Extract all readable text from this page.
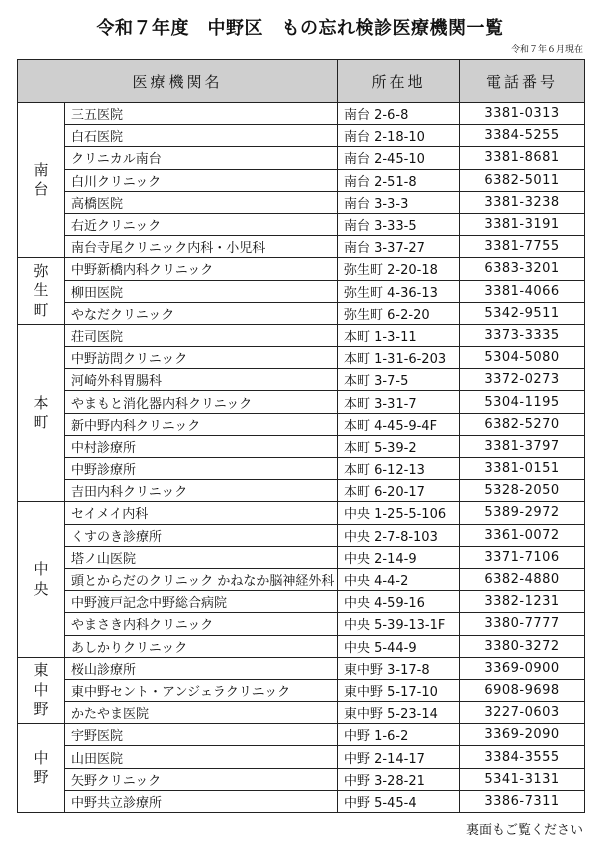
令和７年度　中野区　もの忘れ検診医療機関一覧
令和７年６月現在
医療機関名		所在地	電話番号

南
台	三五医院	南台 2-6-8	3381-0313
	白石医院	南台 2-18-10	3384-5255
	クリニカル南台	南台 2-45-10	3381-8681
	白川クリニック	南台 2-51-8	6382-5011
	高橋医院	南台 3-3-3	3381-3238
	右近クリニック	南台 3-33-5	3381-3191
	南台寺尾クリニック内科・小児科	南台 3-37-27	3381-7755

弥
生
町	中野新橋内科クリニック	弥生町 2-20-18	6383-3201
	柳田医院	弥生町 4-36-13	3381-4066
	やなだクリニック	弥生町 6-2-20	5342-9511

本
町	荘司医院	本町 1-3-11	3373-3335
	中野訪問クリニック	本町 1-31-6-203	5304-5080
	河崎外科胃腸科	本町 3-7-5	3372-0273
	やまもと消化器内科クリニック	本町 3-31-7	5304-1195
	新中野内科クリニック	本町 4-45-9-4F	6382-5270
	中村診療所	本町 5-39-2	3381-3797
	中野診療所	本町 6-12-13	3381-0151
	吉田内科クリニック	本町 6-20-17	5328-2050

中
央	セイメイ内科	中央 1-25-5-106	5389-2972
	くすのき診療所	中央 2-7-8-103	3361-0072
	塔ノ山医院	中央 2-14-9	3371-7106
	頭とからだのクリニック かねなか脳神経外科	中央 4-4-2	6382-4880
	中野渡戸記念中野総合病院	中央 4-59-16	3382-1231
	やまさき内科クリニック	中央 5-39-13-1F	3380-7777
	あしかりクリニック	中央 5-44-9	3380-3272

東
中
野	桜山診療所	東中野 3-17-8	3369-0900
	東中野セント・アンジェラクリニック	東中野 5-17-10	6908-9698
	かたやま医院	東中野 5-23-14	3227-0603

中
野	宇野医院	中野 1-6-2	3369-2090
	山田医院	中野 2-14-17	3384-3555
	矢野クリニック	中野 3-28-21	5341-3131
	中野共立診療所	中野 5-45-4	3386-7311
裏面もご覧ください
